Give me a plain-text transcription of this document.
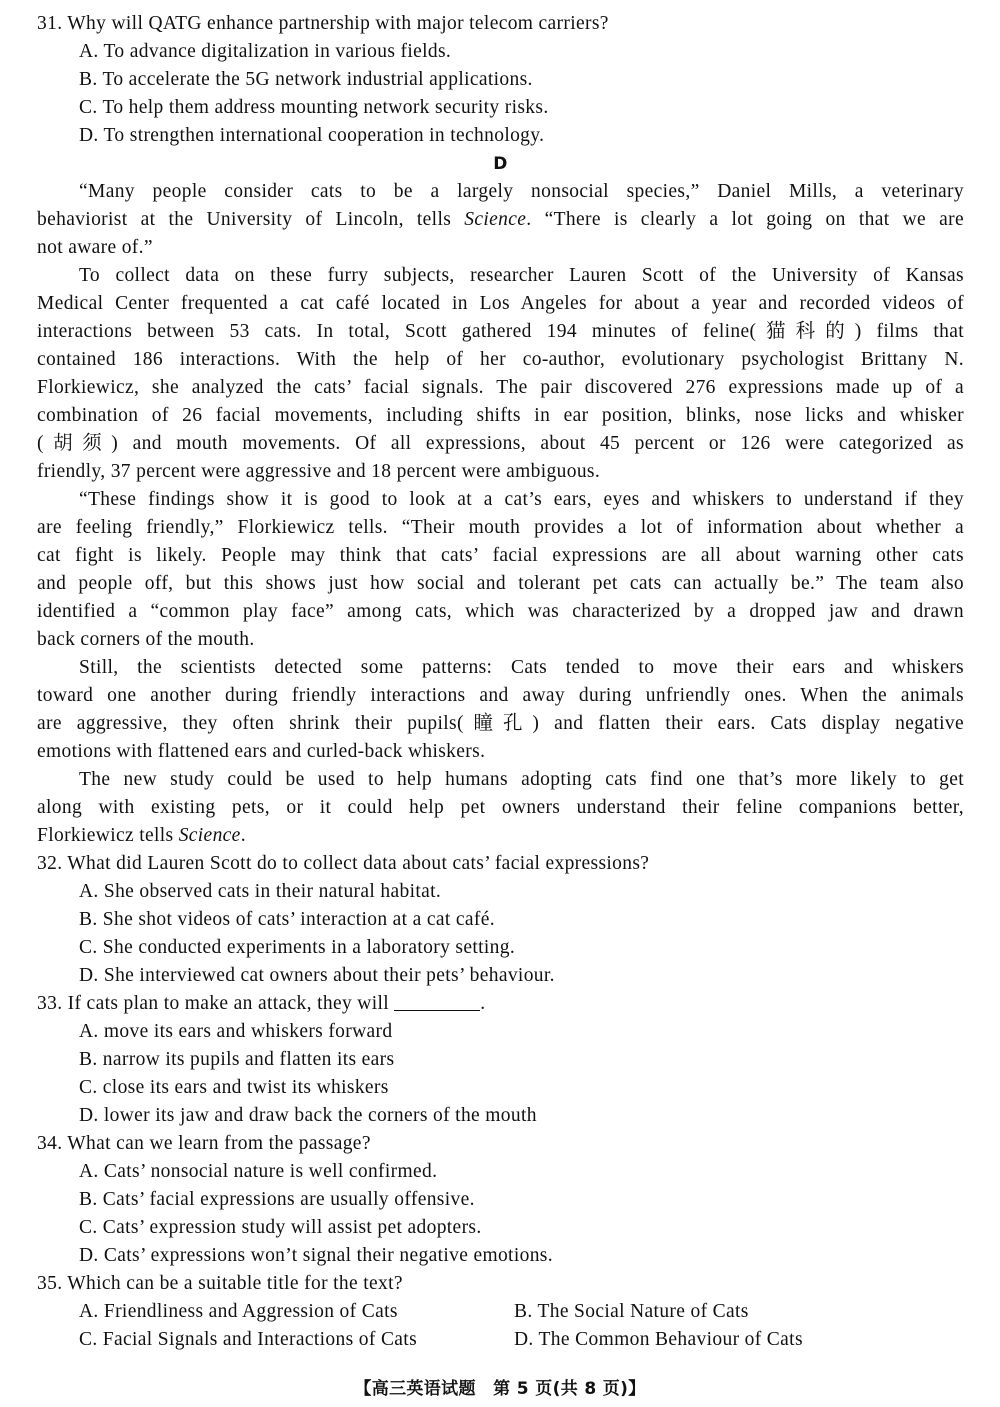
31. Why will QATG enhance partnership with major telecom carriers?
A. To advance digitalization in various fields.
B. To accelerate the 5G network industrial applications.
C. To help them address mounting network security risks.
D. To strengthen international cooperation in technology.
D
“Many people consider cats to be a largely nonsocial species,” Daniel Mills, a veterinary
behaviorist at the University of Lincoln, tells Science. “There is clearly a lot going on that we are
not aware of.”
To collect data on these furry subjects, researcher Lauren Scott of the University of Kansas
Medical Center frequented a cat café located in Los Angeles for about a year and recorded videos of
interactions between 53 cats. In total, Scott gathered 194 minutes of feline(猫科的) films that
contained 186 interactions. With the help of her co-author, evolutionary psychologist Brittany N.
Florkiewicz, she analyzed the cats’ facial signals. The pair discovered 276 expressions made up of a
combination of 26 facial movements, including shifts in ear position, blinks, nose licks and whisker
(胡须) and mouth movements. Of all expressions, about 45 percent or 126 were categorized as
friendly, 37 percent were aggressive and 18 percent were ambiguous.
“These findings show it is good to look at a cat’s ears, eyes and whiskers to understand if they
are feeling friendly,” Florkiewicz tells. “Their mouth provides a lot of information about whether a
cat fight is likely. People may think that cats’ facial expressions are all about warning other cats
and people off, but this shows just how social and tolerant pet cats can actually be.” The team also
identified a “common play face” among cats, which was characterized by a dropped jaw and drawn
back corners of the mouth.
Still, the scientists detected some patterns: Cats tended to move their ears and whiskers
toward one another during friendly interactions and away during unfriendly ones. When the animals
are aggressive, they often shrink their pupils(瞳孔) and flatten their ears. Cats display negative
emotions with flattened ears and curled-back whiskers.
The new study could be used to help humans adopting cats find one that’s more likely to get
along with existing pets, or it could help pet owners understand their feline companions better,
Florkiewicz tells Science.
32. What did Lauren Scott do to collect data about cats’ facial expressions?
A. She observed cats in their natural habitat.
B. She shot videos of cats’ interaction at a cat café.
C. She conducted experiments in a laboratory setting.
D. She interviewed cat owners about their pets’ behaviour.
33. If cats plan to make an attack, they will	.
A. move its ears and whiskers forward
B. narrow its pupils and flatten its ears
C. close its ears and twist its whiskers
D. lower its jaw and draw back the corners of the mouth
34. What can we learn from the passage?
A. Cats’ nonsocial nature is well confirmed.
B. Cats’ facial expressions are usually offensive.
C. Cats’ expression study will assist pet adopters.
D. Cats’ expressions won’t signal their negative emotions.
35. Which can be a suitable title for the text?
A. Friendliness and Aggression of Cats	B. The Social Nature of Cats
C. Facial Signals and Interactions of Cats	D. The Common Behaviour of Cats
【高三英语试题　第 5 页(共 8 页)】
